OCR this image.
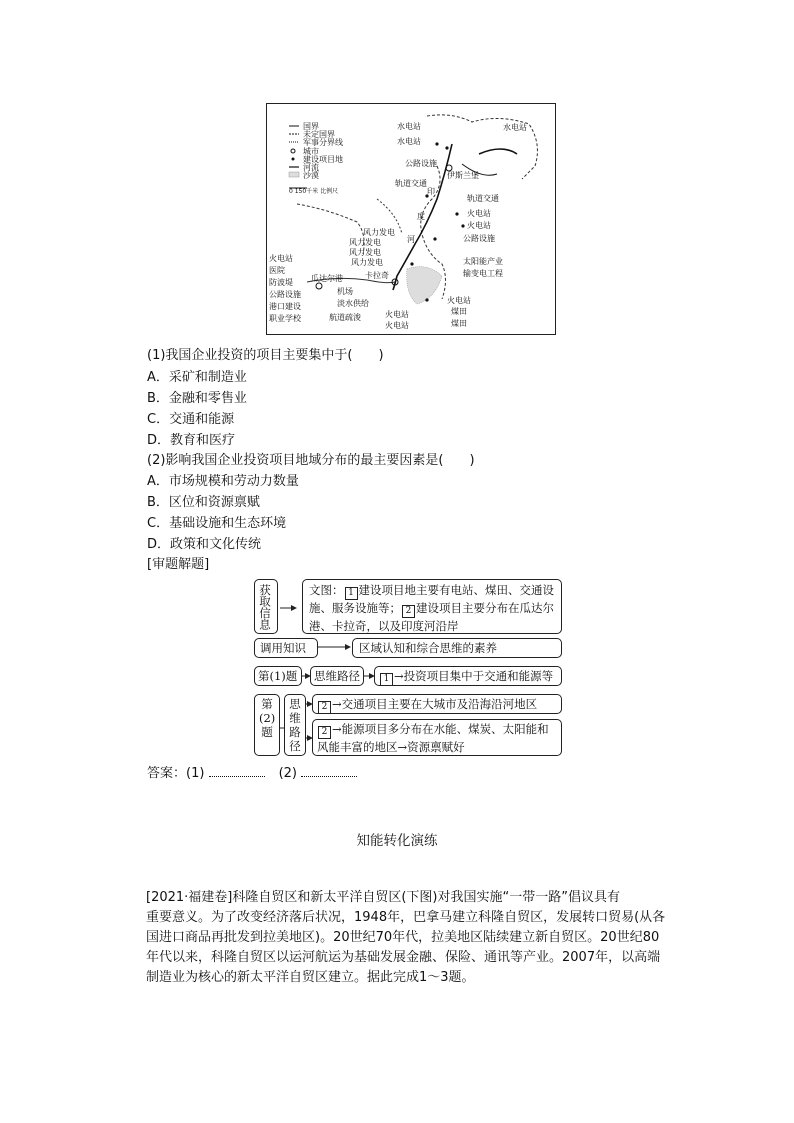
国界
未定国界
军事分界线
城市
建设项目地
河流
沙漠
0 150千米 比例尺
水电站	水电站
水电站
公路设施
伊斯兰堡
轨道交通
印
度
河
轨道交通
火电站
火电站
公路设施
风力发电
风力发电
风力发电
风力发电	太阳能产业
输变电工程
火电站
医院
防波堤
公路设施
港口建设
职业学校
瓜达尔港	卡拉奇
机场
淡水供给
航道疏浚
火电站
煤田
火电站
火电站	煤田
(1)我国企业投资的项目主要集中于(　　)
A．采矿和制造业
B．金融和零售业
C．交通和能源
D．教育和医疗
(2)影响我国企业投资项目地域分布的最主要因素是(　　)
A．市场规模和劳动力数量
B．区位和资源禀赋
C．基础设施和生态环境
D．政策和文化传统
[审题解题]
获取信息	文图： 1 建设项目地主要有电站、煤田、交通设施、服务设施等； 2 建设项目主要分布在瓜达尔港、卡拉奇，以及印度河沿岸
调用知识	区域认知和综合思维的素养
第(1)题	思维路径	1 →投资项目集中于交通和能源等
第(2)题
思维路径
2 →交通项目主要在大城市及沿海沿河地区
2 →能源项目多分布在水能、煤炭、太阳能和风能丰富的地区→资源禀赋好
答案：(1)	(2)
知能转化演练
[2021·福建卷]科隆自贸区和新太平洋自贸区(下图)对我国实施“一带一路”倡议具有
重要意义。为了改变经济落后状况，1948年，巴拿马建立科隆自贸区，发展转口贸易(从各
国进口商品再批发到拉美地区)。20世纪70年代，拉美地区陆续建立新自贸区。20世纪80
年代以来，科隆自贸区以运河航运为基础发展金融、保险、通讯等产业。2007年，以高端
制造业为核心的新太平洋自贸区建立。据此完成1～3题。
